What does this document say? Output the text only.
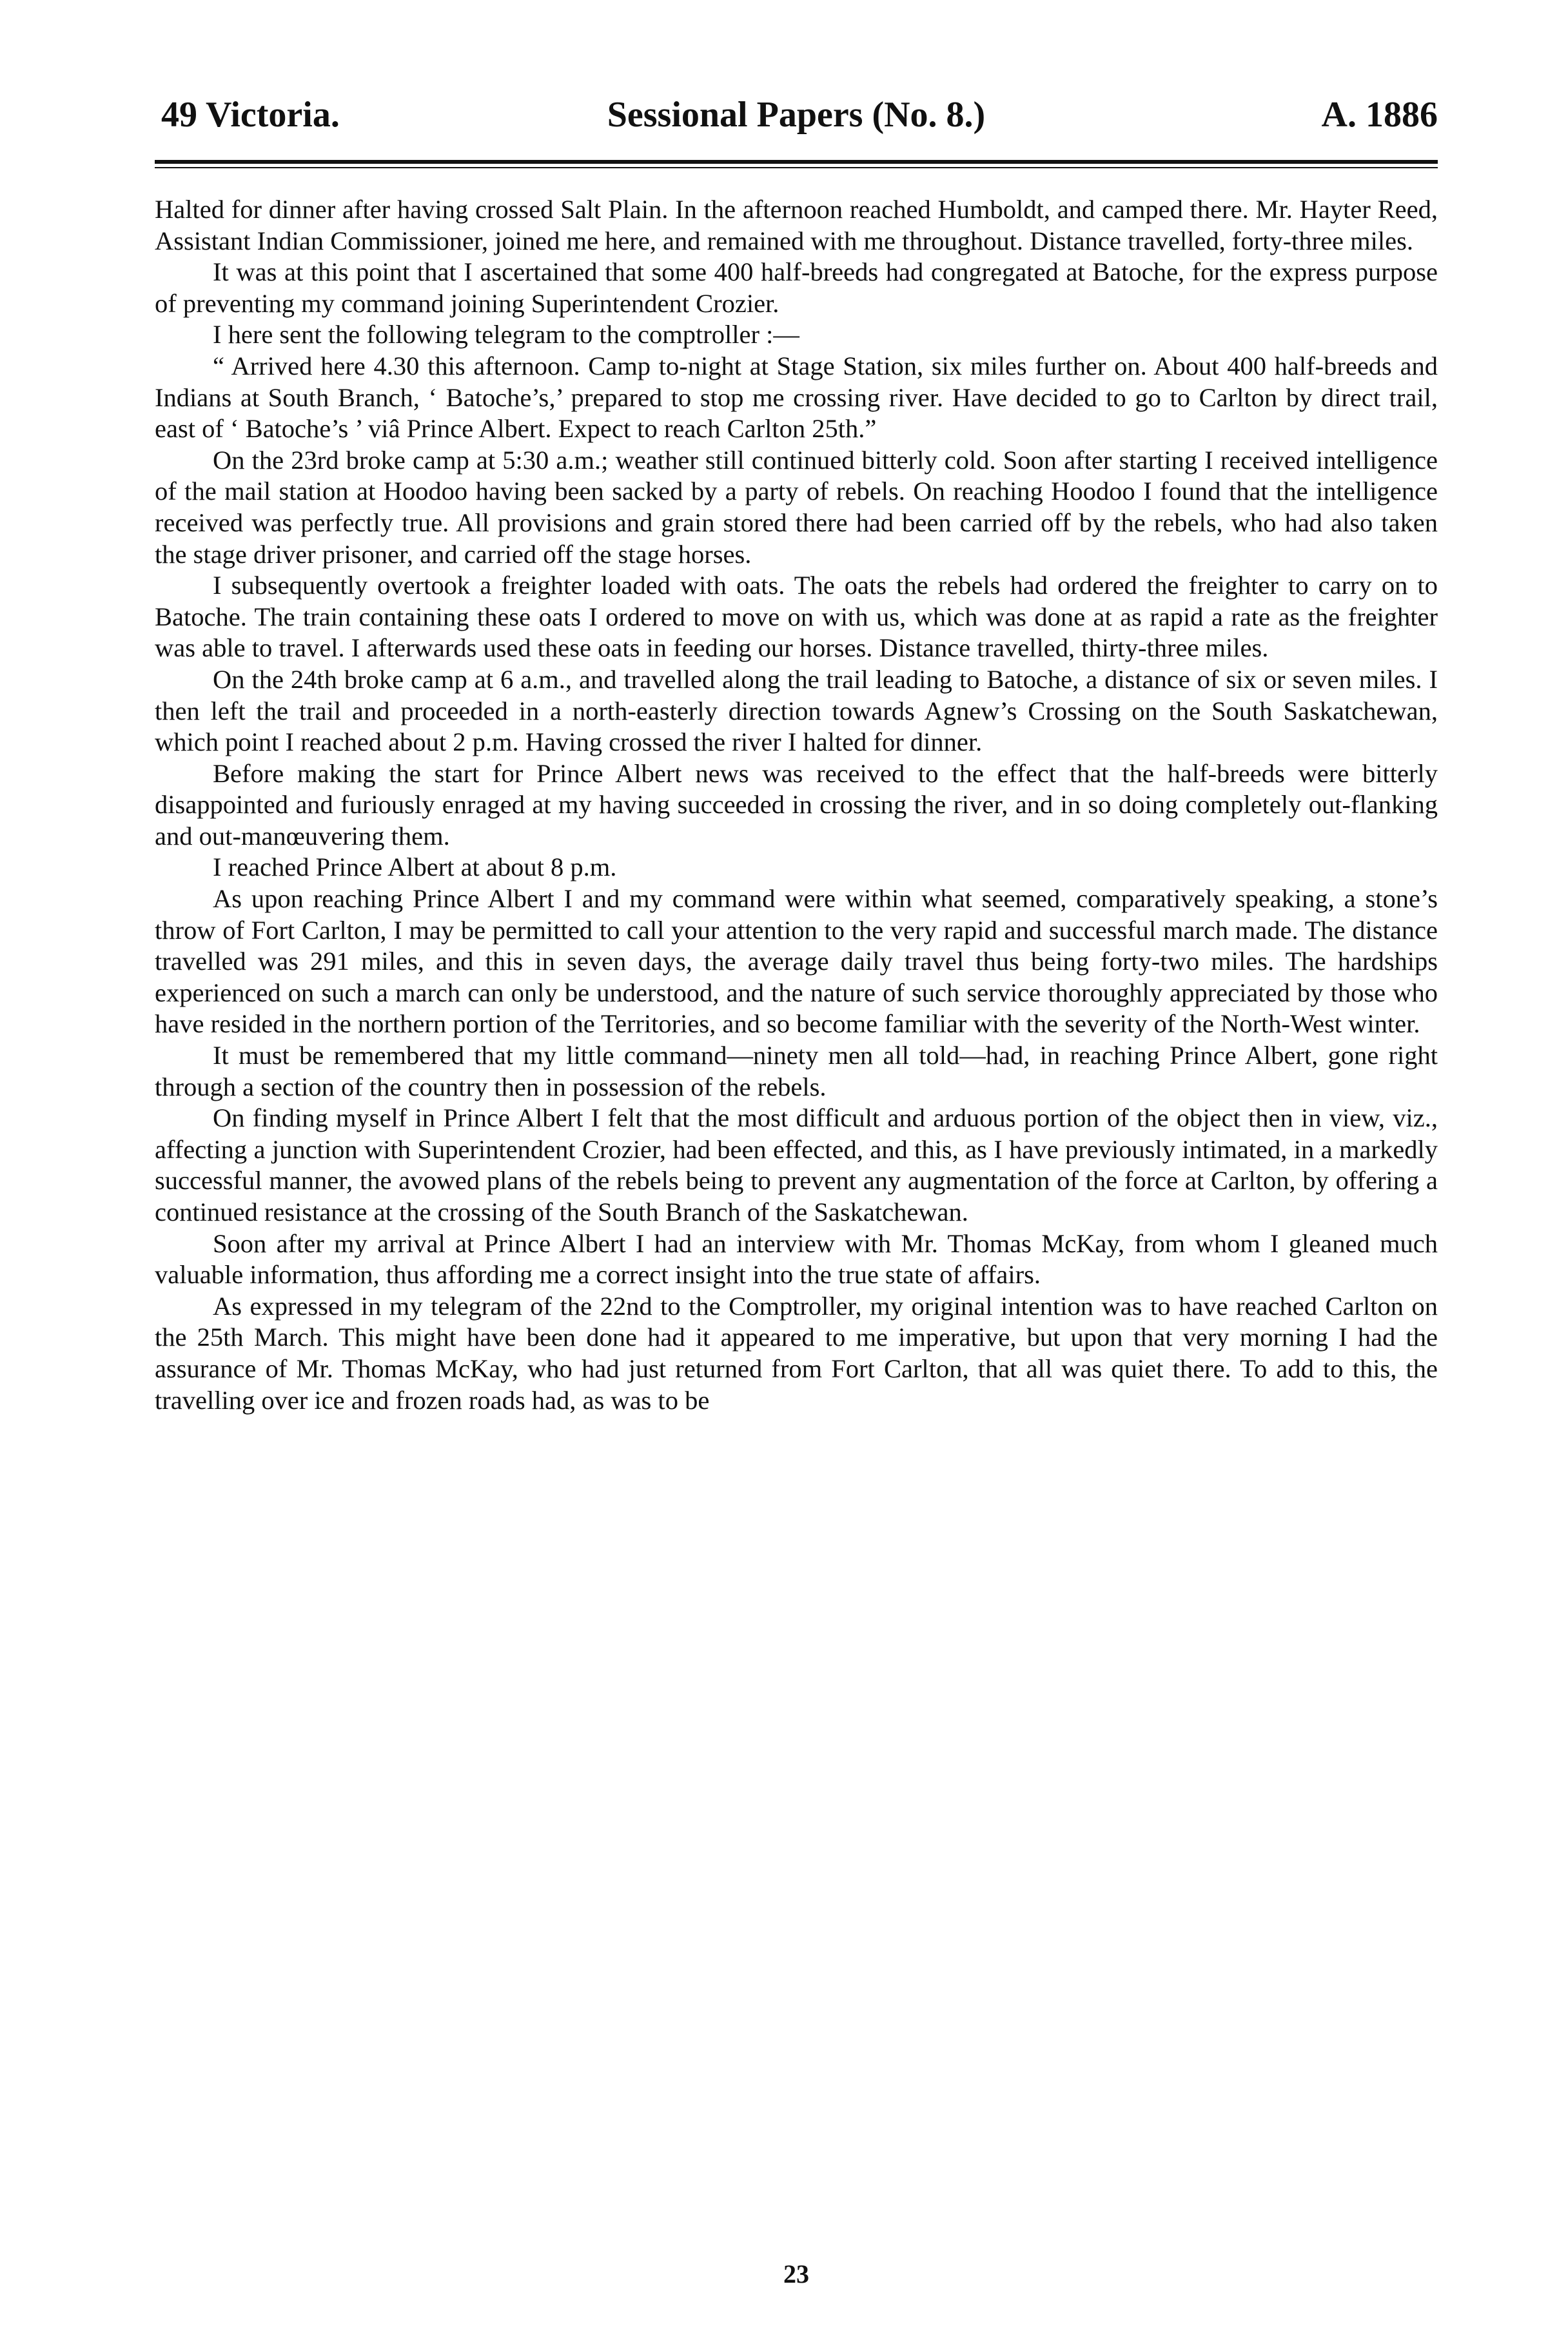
49 Victoria.	Sessional Papers (No. 8.)	A. 1886

Halted for dinner after having crossed Salt Plain. In the afternoon reached Humboldt, and camped there. Mr. Hayter Reed, Assistant Indian Commissioner, joined me here, and remained with me throughout. Distance travelled, forty-three miles.

It was at this point that I ascertained that some 400 half-breeds had congregated at Batoche, for the express purpose of preventing my command joining Superintendent Crozier.

I here sent the following telegram to the comptroller :—

“ Arrived here 4.30 this afternoon. Camp to-night at Stage Station, six miles further on. About 400 half-breeds and Indians at South Branch, ‘ Batoche’s,’ prepared to stop me crossing river. Have decided to go to Carlton by direct trail, east of ‘ Batoche’s ’ viâ Prince Albert. Expect to reach Carlton 25th.”

On the 23rd broke camp at 5:30 a.m.; weather still continued bitterly cold. Soon after starting I received intelligence of the mail station at Hoodoo having been sacked by a party of rebels. On reaching Hoodoo I found that the intelligence received was perfectly true. All provisions and grain stored there had been carried off by the rebels, who had also taken the stage driver prisoner, and carried off the stage horses.

I subsequently overtook a freighter loaded with oats. The oats the rebels had ordered the freighter to carry on to Batoche. The train containing these oats I ordered to move on with us, which was done at as rapid a rate as the freighter was able to travel. I afterwards used these oats in feeding our horses. Distance travelled, thirty-three miles.

On the 24th broke camp at 6 a.m., and travelled along the trail leading to Batoche, a distance of six or seven miles. I then left the trail and proceeded in a north-easterly direction towards Agnew’s Crossing on the South Saskatchewan, which point I reached about 2 p.m. Having crossed the river I halted for dinner.

Before making the start for Prince Albert news was received to the effect that the half-breeds were bitterly disappointed and furiously enraged at my having succeeded in crossing the river, and in so doing completely out-flanking and out-manœuvering them.

I reached Prince Albert at about 8 p.m.

As upon reaching Prince Albert I and my command were within what seemed, comparatively speaking, a stone’s throw of Fort Carlton, I may be permitted to call your attention to the very rapid and successful march made. The distance travelled was 291 miles, and this in seven days, the average daily travel thus being forty-two miles. The hardships experienced on such a march can only be understood, and the nature of such service thoroughly appreciated by those who have resided in the northern portion of the Territories, and so become familiar with the severity of the North-West winter.

It must be remembered that my little command—ninety men all told—had, in reaching Prince Albert, gone right through a section of the country then in possession of the rebels.

On finding myself in Prince Albert I felt that the most difficult and arduous portion of the object then in view, viz., affecting a junction with Superintendent Crozier, had been effected, and this, as I have previously intimated, in a markedly successful manner, the avowed plans of the rebels being to prevent any augmentation of the force at Carlton, by offering a continued resistance at the crossing of the South Branch of the Saskatchewan.

Soon after my arrival at Prince Albert I had an interview with Mr. Thomas McKay, from whom I gleaned much valuable information, thus affording me a correct insight into the true state of affairs.

As expressed in my telegram of the 22nd to the Comptroller, my original intention was to have reached Carlton on the 25th March. This might have been done had it appeared to me imperative, but upon that very morning I had the assurance of Mr. Thomas McKay, who had just returned from Fort Carlton, that all was quiet there. To add to this, the travelling over ice and frozen roads had, as was to be

23
